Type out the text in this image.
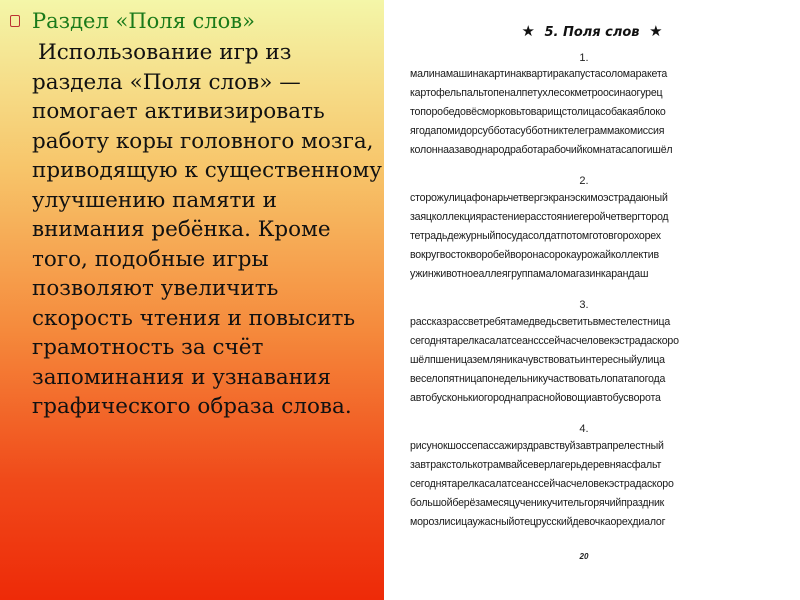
Раздел «Поля слов»
Использование игр из раздела «Поля слов» — помогает активизировать работу коры головного мозга, приводящую к существенному улучшению памяти и внимания ребёнка. Кроме того, подобные игры позволяют увеличить скорость чтения и повысить грамотность за счёт запоминания и узнавания графического образа слова.
★ 5. Поля слов ★
1.
малинамашинакартинаквартиракапустасоломаракета
картофельпальтопеналпетухлесокметроосинаогурец
топоробедовёсморковьтоварищстолицасобакаяблоко
ягодапомидорсубботасубботниктелеграммакомиссия
колоннаазаводнародработарабочийкомнатасапогишёл
2.
сторожулицафонарьчетвергэкранэскимоэстрадаюный
заяцколлекциярастениерасстояниегеройчетвергтород
тетрадьдежурныйпосудасолдатпотомготовгорохорех
вокругвостокворобейворонасорокаурожайколлектив
ужинживотноеаллеягруппамаломагазинкарандаш
3.
рассказрассветребятамедведьсветитьвместелестница
сегоднятарелкасалатсеансссейчасчеловекэстрадаскоро
шёлпшеницаземляникачувствоватьинтересныйулица
веселопятницапонедельникучаствоватьлопатапогода
автобусконькиогороднапраснойовощиавтобусворота
4.
рисунокшоссепассажирздравствуйзавтрапрелестный
завтракстолькотрамвайсеверлагерьдеревняасфальт
сегоднятарелкасалатсеанссейчасчеловекэстрадаскоро
большойберёзамесяцученикучительгорячийпраздник
морозлисицаужасныйотецрусскийдевочкаорехдиалог
20
